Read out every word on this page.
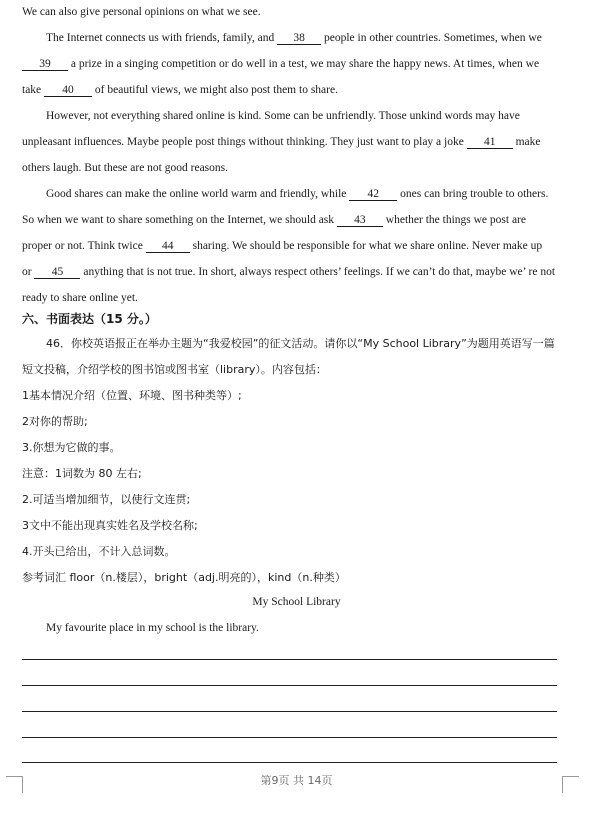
We can also give personal opinions on what we see.
The Internet connects us with friends, family, and 38 people in other countries. Sometimes, when we
39 a prize in a singing competition or do well in a test, we may share the happy news. At times, when we
take 40 of beautiful views, we might also post them to share.
However, not everything shared online is kind. Some can be unfriendly. Those unkind words may have
unpleasant influences. Maybe people post things without thinking. They just want to play a joke 41 make
others laugh. But these are not good reasons.
Good shares can make the online world warm and friendly, while 42 ones can bring trouble to others.
So when we want to share something on the Internet, we should ask 43 whether the things we post are
proper or not. Think twice 44 sharing. We should be responsible for what we share online. Never make up
or 45 anything that is not true. In short, always respect others’ feelings. If we can’t do that, maybe we’ re not
ready to share online yet.
六、书面表达（15 分。）
46．你校英语报正在举办主题为“我爱校园”的征文活动。请你以“My School Library”为题用英语写一篇
短文投稿，介绍学校的图书馆或图书室（library）。内容包括：
1基本情况介绍（位置、环境、图书种类等）;
2对你的帮助;
3.你想为它做的事。
注意：1词数为 80 左右;
2.可适当增加细节，以使行文连贯;
3文中不能出现真实姓名及学校名称;
4.开头已给出，不计入总词数。
参考词汇 floor（n.楼层），bright（adj.明亮的），kind（n.种类）
My School Library
My favourite place in my school is the library.
第9页 共 14页
